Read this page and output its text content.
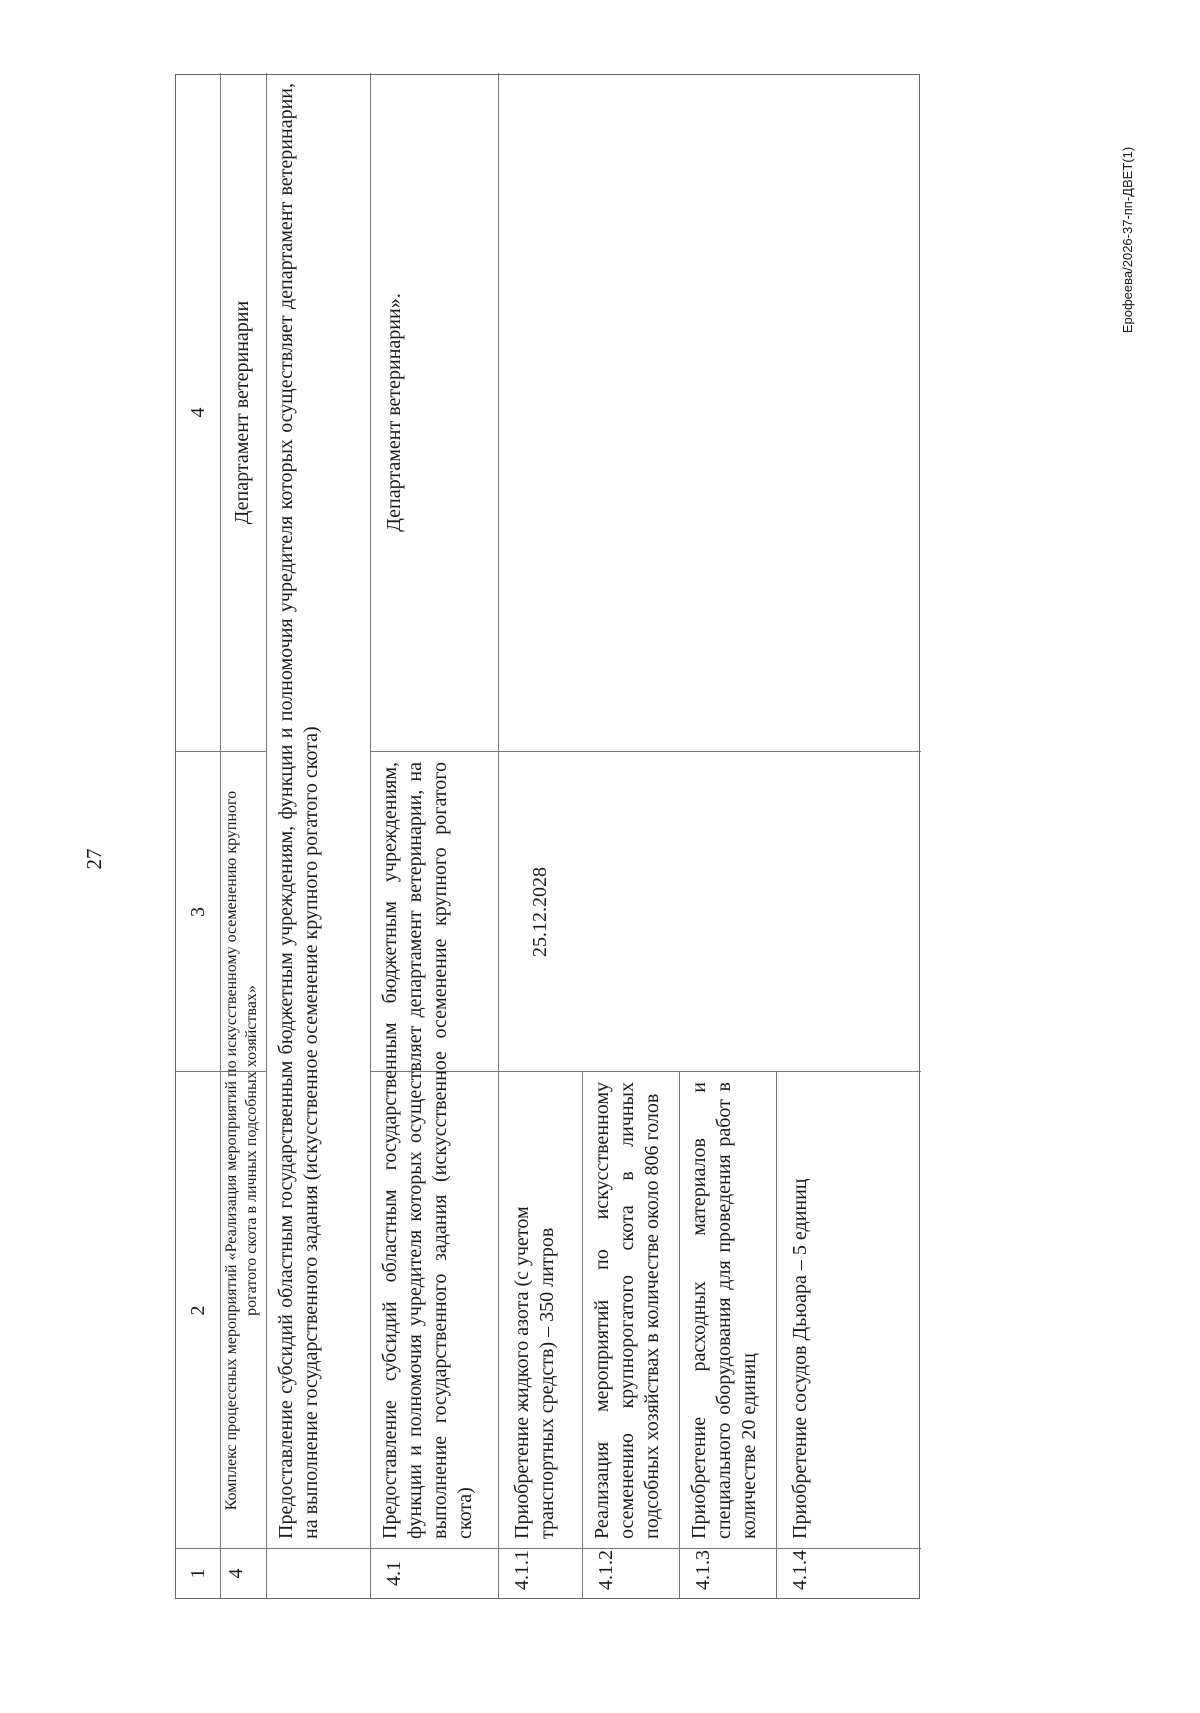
27
1
2
3
4
4
Комплекс процессных мероприятий «Реализация мероприятий по искусственному осеменению крупного рогатого скота в личных подсобных хозяйствах»
Департамент ветеринарии	Предоставление субсидий областным государственным бюджетным учреждениям, функции и полномочия учредителя которых осуществляет департамент ветеринарии, на выполнение государственного задания (искусственное осеменение крупного рогатого скота)
4.1
Предоставление субсидий областным государственным бюджетным учреждениям, функции и полномочия учредителя которых осуществляет департамент ветеринарии, на выполнение государственного задания (искусственное осеменение крупного рогатого скота)
Департамент ветеринарии».
25.12.2028
4.1.1
Приобретение жидкого азота (с учетом транспортных средств) – 350 литров
4.1.2
Реализация мероприятий по искусственному осеменению крупнорогатого скота в личных подсобных хозяйствах в количестве около 806 голов
4.1.3
Приобретение расходных материалов и специального оборудования для проведения работ в количестве 20 единиц
4.1.4
Приобретение сосудов Дьюара – 5 единиц
Ерофеева/2026-37-пп-ДВЕТ(1)
